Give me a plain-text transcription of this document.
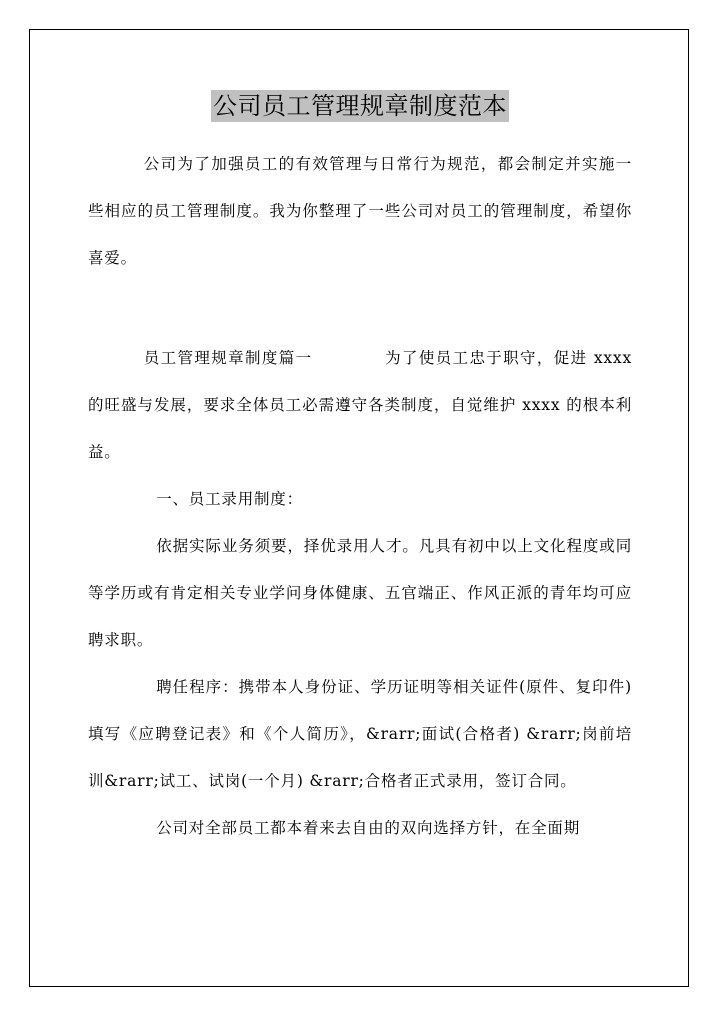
公司员工管理规章制度范本

公司为了加强员工的有效管理与日常行为规范，都会制定并实施一些相应的员工管理制度。我为你整理了一些公司对员工的管理制度，希望你喜爱。

员工管理规章制度篇一	为了使员工忠于职守，促进 xxxx 的旺盛与发展，要求全体员工必需遵守各类制度，自觉维护 xxxx 的根本利益。

一、员工录用制度：

依据实际业务须要，择优录用人才。凡具有初中以上文化程度或同等学历或有肯定相关专业学问身体健康、五官端正、作风正派的青年均可应聘求职。

聘任程序：携带本人身份证、学历证明等相关证件(原件、复印件)填写《应聘登记表》和《个人简历》，&rarr;面试(合格者) &rarr;岗前培训&rarr;试工、试岗(一个月) &rarr;合格者正式录用，签订合同。

公司对全部员工都本着来去自由的双向选择方针，在全面期
